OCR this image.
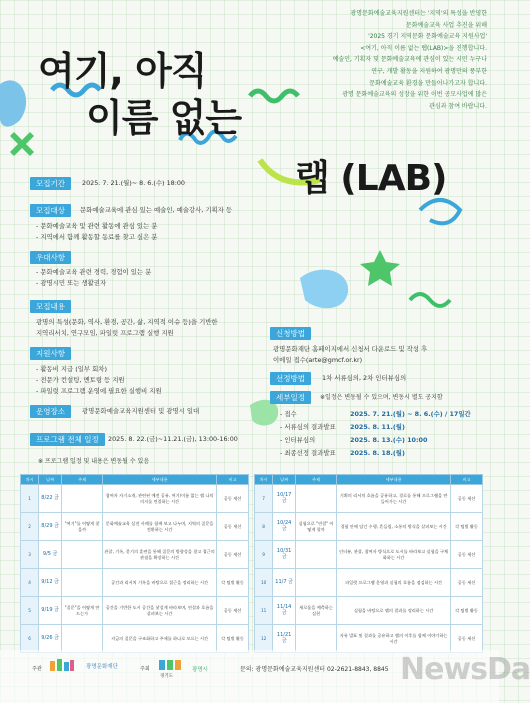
광명문화예술교육지원센터는 '지역'의 특성을 반영한
문화예술교육 사업 추진을 위해
'2025 경기 지역문화 문화예술교육 지원사업'
<여기, 아직 이름 없는 랩(LAB)>을 진행합니다.
예술인, 기획자 및 문화예술교육에 관심이 있는 시민 누구나
연구, 개발 활동을 지원하여 광명만의 풍부한
문화예술교육 환경을 만들어나가고자 합니다.
광명 문화예술교육의 성장을 위한 이번 공모사업에 많은
관심과 참여 바랍니다.
여기, 아직
이름 없는
랩 (LAB)
모집기간	2025. 7. 21.(월)~ 8. 6.(수) 18:00
모집대상	문화예술교육에 관심 있는 예술인, 예술강사, 기획자 등
- 문화예술교육 및 관련 활동에 관심 있는 분
- 지역에서 함께 활동할 동료를 찾고 싶은 분
우대사항
- 문화예술교육 관련 경력, 경험이 있는 분
- 광명시민 또는 생활권자
모집내용
광명의 특성(문화, 역사, 환경, 공간, 삶, 지역적 이슈 등)을 기반한
지역리서치, 연구모임, 파일럿 프로그램 실행 지원
지원사항
- 활동비 지급 (일부 회차)
- 전문가 컨설팅, 멘토링 등 지원
- 파일럿 프로그램 운영에 필요한 실행비 지원
운영장소	광명문화예술교육지원센터 및 광명시 일대
프로그램 전체 일정	2025. 8. 22.(금)~11.21.(금), 13:00-16:00
※ 프로그램 일정 및 내용은 변동될 수 있음
신청방법
광명문화재단 홈페이지에서 신청서 다운로드 및 작성 후
이메일 접수(arte@gmcf.or.kr)
선정방법	1차 서류심의, 2차 인터뷰심의
세부일정	※일정은 변동될 수 있으며, 변동시 별도 공지함
- 접수	2025. 7. 21.(월) ~ 8. 6.(수) / 17일간
- 서류심의 결과발표 2025. 8. 11.(월)
- 인터뷰심의	2025. 8. 13.(수) 10:00
- 최종선정 결과발표 2025. 8. 18.(월)
차시	날짜	주제	세부내용	비고
1	8/22 금		참여자 자기소개, 관련된 예전 공유, 여기/이름 없는 랩 나의 의지를 연결하는 시간	공동 세션
2	8/29 금	"여기"를 어떻게 찾을까	문화예술교육 실전 사례를 함께 보고 나누며, 지역의 질문을 전환하는 시간	공동 세션
3	9/5 금		관찰, 기록, 묻기의 훈련을 통해 질문의 방향성을 찾고 접근의 관점을 확장하는 시간	공동 세션
4	9/12 금		공간과 리서치 기록을 바탕으로 접근을 정리하는 시간	각 팀별 활동
5	9/19 금	"질문"을 어떻게 만드는가	공간을 기반한 도시 공간을 낯설게 바라보며, 연결과 흐름을 살펴보는 시간	공동 세션
6	9/26 금		지금의 질문을 구조화하고 주제를 하나로 모으는 시간	각 팀별 활동
차시	날짜	주제	세부내용	비고
7	10/17 금		기획의 리서치 흐름을 공유하고, 경로를 통해 프로그램을 만들어가는 시간	공동 세션
8	10/24 금	실험으로 "연결" 어떻게 할까	경험 안에 담긴 수행, 흔들림, 소통의 방식을 살펴보는 시간	각 팀별 활동
9	10/31 금		인터뷰, 관찰, 참여자 방식으로 도시를 바라보고 실험을 구체화하는 시간	공동 세션
10	11/7 금		파일럿 프로그램 운영과 실험의 흐름을 점검하는 시간	공동 세션
11	11/14 금	새로움을 예측하는 실천	실험을 바탕으로 랩의 결과를 정리하는 시간	각 팀별 활동
12	11/21 금		자유 발표 및 결과를 공유하고 랩의 이후를 함께 이야기하는 시간	공동 세션
주관	광명문화재단	주최
경기도
광명시	문의: 광명문화예술교육지원센터 02-2621-8843, 8845 NewsDa
